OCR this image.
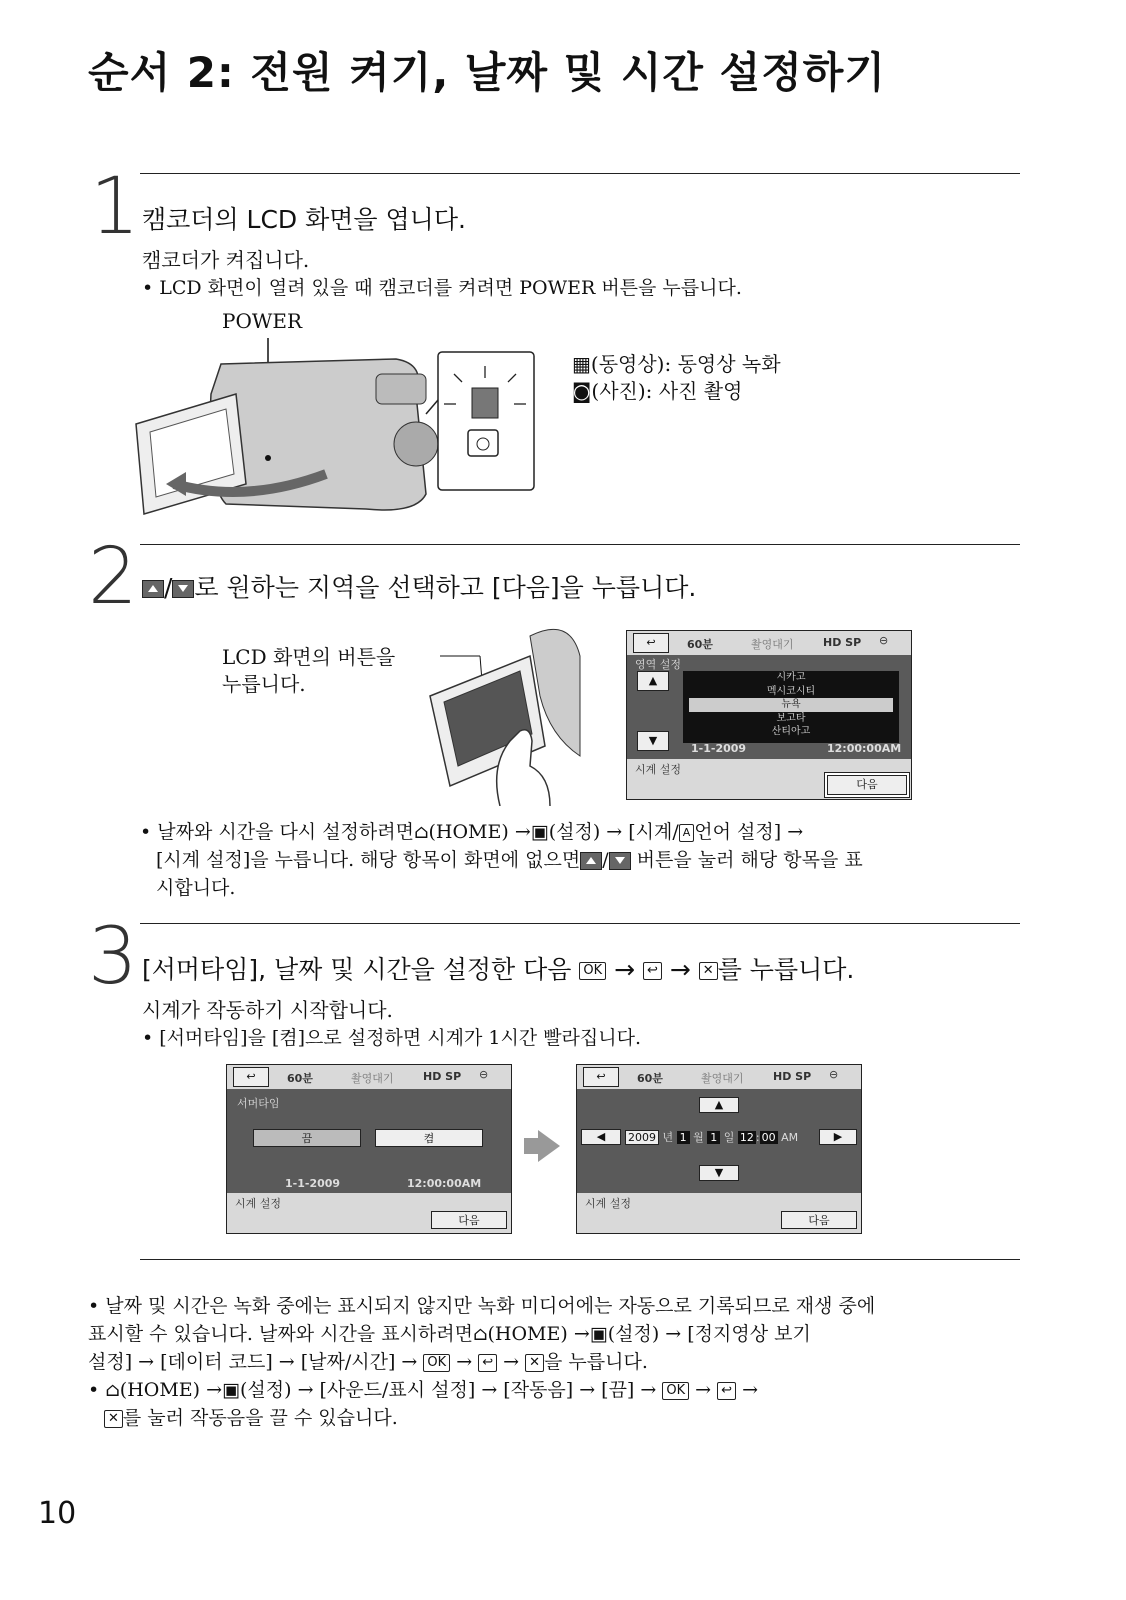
순서 2: 전원 켜기, 날짜 및 시간 설정하기
1 캠코더의 LCD 화면을 엽니다.
캠코더가 켜집니다.
• LCD 화면이 열려 있을 때 캠코더를 켜려면 POWER 버튼을 누릅니다.
POWER
▦(동영상): 동영상 녹화
◙(사진): 사진 촬영
2	/ 로 원하는 지역을 선택하고 [다음]을 누릅니다.
LCD 화면의 버튼을
누릅니다.
↩	60분	촬영대기	HD SP ⊖
영역 설정
▲
▼
시카고
멕시코시티
뉴욕
보고타
산티아고
1-1-2009	12:00:00AM
시계 설정
다음
• 날짜와 시간을 다시 설정하려면⌂(HOME) →▣(설정) → [시계/ A 언어 설정] →
[시계 설정]을 누릅니다. 해당 항목이 화면에 없으면 / 버튼을 눌러 해당 항목을 표
시합니다.
3 [서머타임], 날짜 및 시간을 설정한 다음 OK → ↩ → ✕ 를 누릅니다.
시계가 작동하기 시작합니다.
• [서머타임]을 [켬]으로 설정하면 시계가 1시간 빨라집니다.
↩	60분	촬영대기	HD SP ⊖
서머타임
끔	켬
1-1-2009	12:00:00AM
시계 설정
다음
↩	60분	촬영대기	HD SP ⊖
▲
◀	2009 년 1 월 1 일 12 : 00 AM	▶
▼
시계 설정
다음
• 날짜 및 시간은 녹화 중에는 표시되지 않지만 녹화 미디어에는 자동으로 기록되므로 재생 중에
표시할 수 있습니다. 날짜와 시간을 표시하려면⌂(HOME) →▣(설정) → [정지영상 보기
설정] → [데이터 코드] → [날짜/시간] → OK → ↩ → ✕ 을 누릅니다.
• ⌂(HOME) →▣(설정) → [사운드/표시 설정] → [작동음] → [끔] → OK → ↩ →
✕ 를 눌러 작동음을 끌 수 있습니다.
10
